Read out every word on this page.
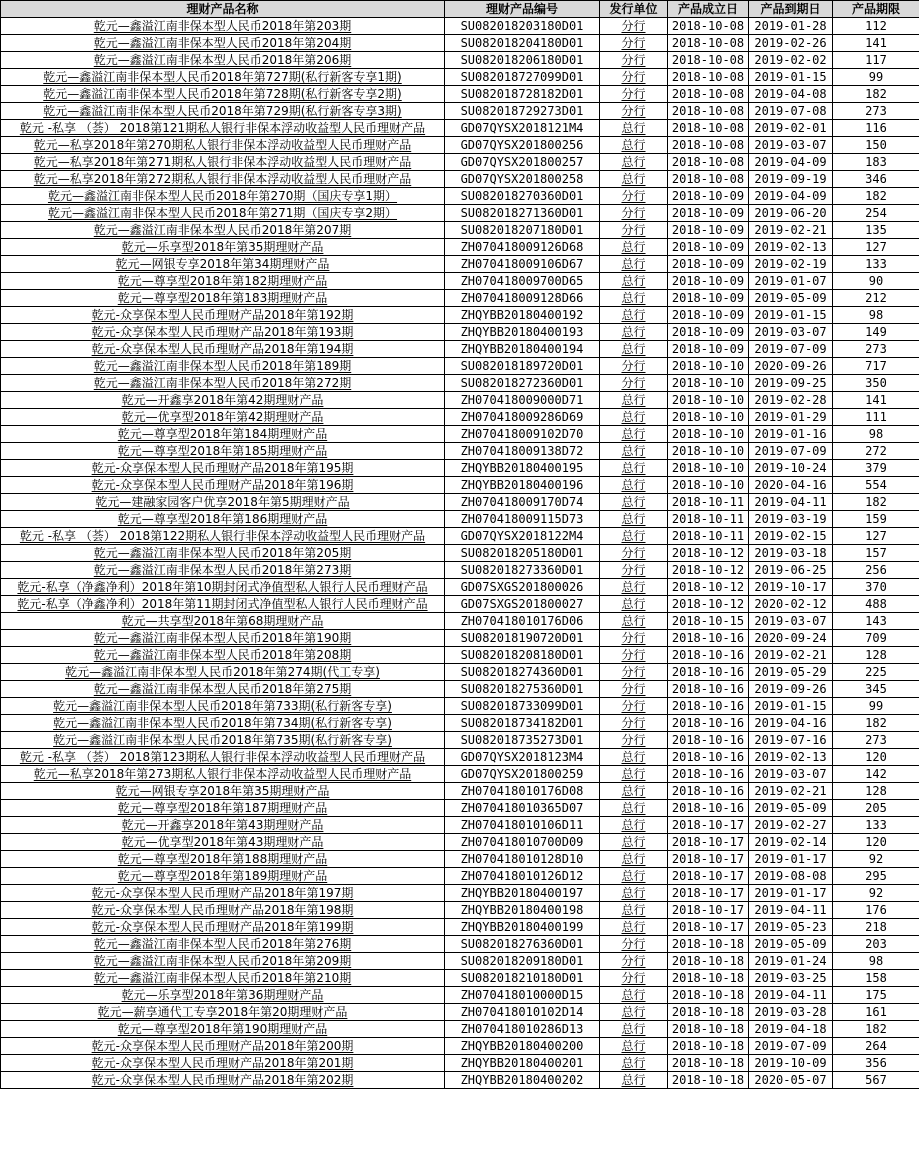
理财产品名称	理财产品编号	发行单位	产品成立日	产品到期日	产品期限
乾元—鑫溢江南非保本型人民币2018年第203期	SU082018203180D01	分行	2018-10-08	2019-01-28	112
乾元—鑫溢江南非保本型人民币2018年第204期	SU082018204180D01	分行	2018-10-08	2019-02-26	141
乾元—鑫溢江南非保本型人民币2018年第206期	SU082018206180D01	分行	2018-10-08	2019-02-02	117
乾元—鑫溢江南非保本型人民币2018年第727期(私行新客专享1期)	SU082018727099D01	分行	2018-10-08	2019-01-15	99
乾元—鑫溢江南非保本型人民币2018年第728期(私行新客专享2期)	SU082018728182D01	分行	2018-10-08	2019-04-08	182
乾元—鑫溢江南非保本型人民币2018年第729期(私行新客专享3期)	SU082018729273D01	分行	2018-10-08	2019-07-08	273
乾元 -私享 （荟） 2018第121期私人银行非保本浮动收益型人民币理财产品	GD07QYSX2018121M4	总行	2018-10-08	2019-02-01	116
乾元—私享2018年第270期私人银行非保本浮动收益型人民币理财产品	GD07QYSX201800256	总行	2018-10-08	2019-03-07	150
乾元—私享2018年第271期私人银行非保本浮动收益型人民币理财产品	GD07QYSX201800257	总行	2018-10-08	2019-04-09	183
乾元—私享2018年第272期私人银行非保本浮动收益型人民币理财产品	GD07QYSX201800258	总行	2018-10-08	2019-09-19	346
乾元—鑫溢江南非保本型人民币2018年第270期（国庆专享1期）	SU082018270360D01	分行	2018-10-09	2019-04-09	182
乾元—鑫溢江南非保本型人民币2018年第271期（国庆专享2期）	SU082018271360D01	分行	2018-10-09	2019-06-20	254
乾元—鑫溢江南非保本型人民币2018年第207期	SU082018207180D01	分行	2018-10-09	2019-02-21	135
乾元—乐享型2018年第35期理财产品	ZH070418009126D68	总行	2018-10-09	2019-02-13	127
乾元—网银专享2018年第34期理财产品	ZH070418009106D67	总行	2018-10-09	2019-02-19	133
乾元—尊享型2018年第182期理财产品	ZH070418009700D65	总行	2018-10-09	2019-01-07	90
乾元—尊享型2018年第183期理财产品	ZH070418009128D66	总行	2018-10-09	2019-05-09	212
乾元-众享保本型人民币理财产品2018年第192期	ZHQYBB20180400192	总行	2018-10-09	2019-01-15	98
乾元-众享保本型人民币理财产品2018年第193期	ZHQYBB20180400193	总行	2018-10-09	2019-03-07	149
乾元-众享保本型人民币理财产品2018年第194期	ZHQYBB20180400194	总行	2018-10-09	2019-07-09	273
乾元—鑫溢江南非保本型人民币2018年第189期	SU082018189720D01	分行	2018-10-10	2020-09-26	717
乾元—鑫溢江南非保本型人民币2018年第272期	SU082018272360D01	分行	2018-10-10	2019-09-25	350
乾元—开鑫享2018年第42期理财产品	ZH070418009000D71	总行	2018-10-10	2019-02-28	141
乾元—优享型2018年第42期理财产品	ZH070418009286D69	总行	2018-10-10	2019-01-29	111
乾元—尊享型2018年第184期理财产品	ZH070418009102D70	总行	2018-10-10	2019-01-16	98
乾元—尊享型2018年第185期理财产品	ZH070418009138D72	总行	2018-10-10	2019-07-09	272
乾元-众享保本型人民币理财产品2018年第195期	ZHQYBB20180400195	总行	2018-10-10	2019-10-24	379
乾元-众享保本型人民币理财产品2018年第196期	ZHQYBB20180400196	总行	2018-10-10	2020-04-16	554
乾元—建融家园客户优享2018年第5期理财产品	ZH070418009170D74	总行	2018-10-11	2019-04-11	182
乾元—尊享型2018年第186期理财产品	ZH070418009115D73	总行	2018-10-11	2019-03-19	159
乾元 -私享 （荟） 2018第122期私人银行非保本浮动收益型人民币理财产品	GD07QYSX2018122M4	总行	2018-10-11	2019-02-15	127
乾元—鑫溢江南非保本型人民币2018年第205期	SU082018205180D01	分行	2018-10-12	2019-03-18	157
乾元—鑫溢江南非保本型人民币2018年第273期	SU082018273360D01	分行	2018-10-12	2019-06-25	256
乾元-私享（净鑫净利）2018年第10期封闭式净值型私人银行人民币理财产品	GD07SXGS201800026	总行	2018-10-12	2019-10-17	370
乾元-私享（净鑫净利）2018年第11期封闭式净值型私人银行人民币理财产品	GD07SXGS201800027	总行	2018-10-12	2020-02-12	488
乾元—共享型2018年第68期理财产品	ZH070418010176D06	总行	2018-10-15	2019-03-07	143
乾元—鑫溢江南非保本型人民币2018年第190期	SU082018190720D01	分行	2018-10-16	2020-09-24	709
乾元—鑫溢江南非保本型人民币2018年第208期	SU082018208180D01	分行	2018-10-16	2019-02-21	128
乾元—鑫溢江南非保本型人民币2018年第274期(代工专享)	SU082018274360D01	分行	2018-10-16	2019-05-29	225
乾元—鑫溢江南非保本型人民币2018年第275期	SU082018275360D01	分行	2018-10-16	2019-09-26	345
乾元—鑫溢江南非保本型人民币2018年第733期(私行新客专享)	SU082018733099D01	分行	2018-10-16	2019-01-15	99
乾元—鑫溢江南非保本型人民币2018年第734期(私行新客专享)	SU082018734182D01	分行	2018-10-16	2019-04-16	182
乾元—鑫溢江南非保本型人民币2018年第735期(私行新客专享)	SU082018735273D01	分行	2018-10-16	2019-07-16	273
乾元 -私享 （荟） 2018第123期私人银行非保本浮动收益型人民币理财产品	GD07QYSX2018123M4	总行	2018-10-16	2019-02-13	120
乾元—私享2018年第273期私人银行非保本浮动收益型人民币理财产品	GD07QYSX201800259	总行	2018-10-16	2019-03-07	142
乾元—网银专享2018年第35期理财产品	ZH070418010176D08	总行	2018-10-16	2019-02-21	128
乾元—尊享型2018年第187期理财产品	ZH070418010365D07	总行	2018-10-16	2019-05-09	205
乾元—开鑫享2018年第43期理财产品	ZH070418010106D11	总行	2018-10-17	2019-02-27	133
乾元—优享型2018年第43期理财产品	ZH070418010700D09	总行	2018-10-17	2019-02-14	120
乾元—尊享型2018年第188期理财产品	ZH070418010128D10	总行	2018-10-17	2019-01-17	92
乾元—尊享型2018年第189期理财产品	ZH070418010126D12	总行	2018-10-17	2019-08-08	295
乾元-众享保本型人民币理财产品2018年第197期	ZHQYBB20180400197	总行	2018-10-17	2019-01-17	92
乾元-众享保本型人民币理财产品2018年第198期	ZHQYBB20180400198	总行	2018-10-17	2019-04-11	176
乾元-众享保本型人民币理财产品2018年第199期	ZHQYBB20180400199	总行	2018-10-17	2019-05-23	218
乾元—鑫溢江南非保本型人民币2018年第276期	SU082018276360D01	分行	2018-10-18	2019-05-09	203
乾元—鑫溢江南非保本型人民币2018年第209期	SU082018209180D01	分行	2018-10-18	2019-01-24	98
乾元—鑫溢江南非保本型人民币2018年第210期	SU082018210180D01	分行	2018-10-18	2019-03-25	158
乾元—乐享型2018年第36期理财产品	ZH070418010000D15	总行	2018-10-18	2019-04-11	175
乾元—薪享通代工专享2018年第20期理财产品	ZH070418010102D14	总行	2018-10-18	2019-03-28	161
乾元—尊享型2018年第190期理财产品	ZH070418010286D13	总行	2018-10-18	2019-04-18	182
乾元-众享保本型人民币理财产品2018年第200期	ZHQYBB20180400200	总行	2018-10-18	2019-07-09	264
乾元-众享保本型人民币理财产品2018年第201期	ZHQYBB20180400201	总行	2018-10-18	2019-10-09	356
乾元-众享保本型人民币理财产品2018年第202期	ZHQYBB20180400202	总行	2018-10-18	2020-05-07	567
